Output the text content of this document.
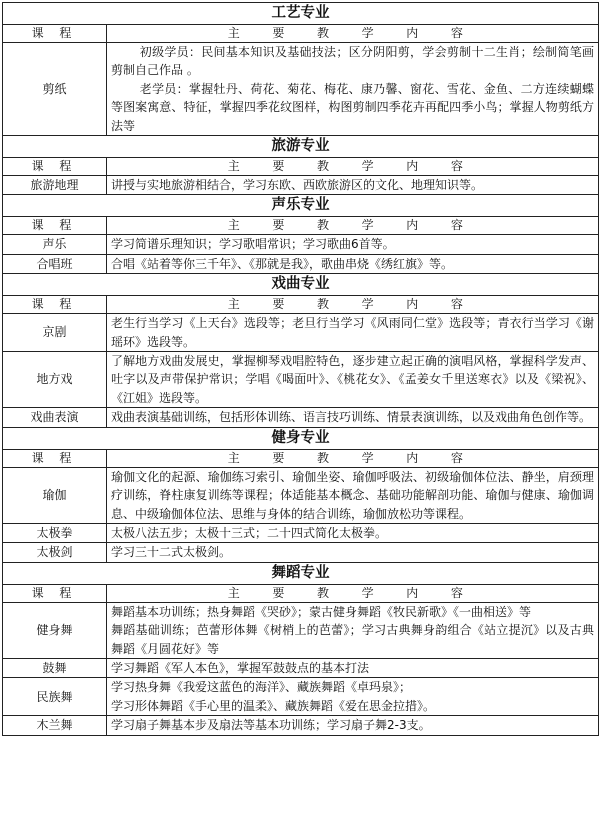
工艺专业	
课 程	主 要 教 学 内 容
剪纸	初级学员：民间基本知识及基础技法；区分阴阳剪，学会剪制十二生肖；绘制简笔画剪制自己作品 。
老学员：掌握牡丹、荷花、菊花、梅花、康乃馨、窗花、雪花、金鱼、二方连续蝴蝶等图案寓意、特征，掌握四季花纹图样，构图剪制四季花卉再配四季小鸟；掌握人物剪纸方法等

旅游专业	
课 程	主 要 教 学 内 容
旅游地理	讲授与实地旅游相结合，学习东欧、西欧旅游区的文化、地理知识等。

声乐专业	
课 程	主 要 教 学 内 容
声乐	学习简谱乐理知识；学习歌唱常识；学习歌曲6首等。

合唱班	合唱《站着等你三千年》、《那就是我》，歌曲串烧《绣红旗》等。

戏曲专业	
课 程	主 要 教 学 内 容
京剧	老生行当学习《上天台》选段等；老旦行当学习《风雨同仁堂》选段等；青衣行当学习《谢瑶环》选段等。

地方戏	了解地方戏曲发展史，掌握柳琴戏唱腔特色，逐步建立起正确的演唱风格，掌握科学发声、吐字以及声带保护常识；学唱《喝面叶》、《桃花女》、《孟姜女千里送寒衣》以及《梁祝》、《江姐》选段等。

戏曲表演	戏曲表演基础训练，包括形体训练、语言技巧训练、情景表演训练，以及戏曲角色创作等。

健身专业	
课 程	主 要 教 学 内 容
瑜伽	瑜伽文化的起源、瑜伽练习索引、瑜伽坐姿、瑜伽呼吸法、初级瑜伽体位法、静坐，肩颈理疗训练，脊柱康复训练等课程；体适能基本概念、基础功能解剖功能、瑜伽与健康、瑜伽调息、中级瑜伽体位法、思维与身体的结合训练，瑜伽放松功等课程。

太极拳	太极八法五步；太极十三式；二十四式简化太极拳。

太极剑	学习三十二式太极剑。

舞蹈专业	
课 程	主 要 教 学 内 容
健身舞	舞蹈基本功训练；热身舞蹈《哭砂》；蒙古健身舞蹈《牧民新歌》《一曲相送》等
舞蹈基础训练；芭蕾形体舞《树梢上的芭蕾》；学习古典舞身韵组合《站立提沉》以及古典舞蹈《月圆花好》等

鼓舞	学习舞蹈《军人本色》，掌握军鼓鼓点的基本打法

民族舞	学习热身舞《我爱这蓝色的海洋》、藏族舞蹈《卓玛泉》；
学习形体舞蹈《手心里的温柔》、藏族舞蹈《爱在思金拉措》。

木兰舞	学习扇子舞基本步及扇法等基本功训练；学习扇子舞2-3支。
